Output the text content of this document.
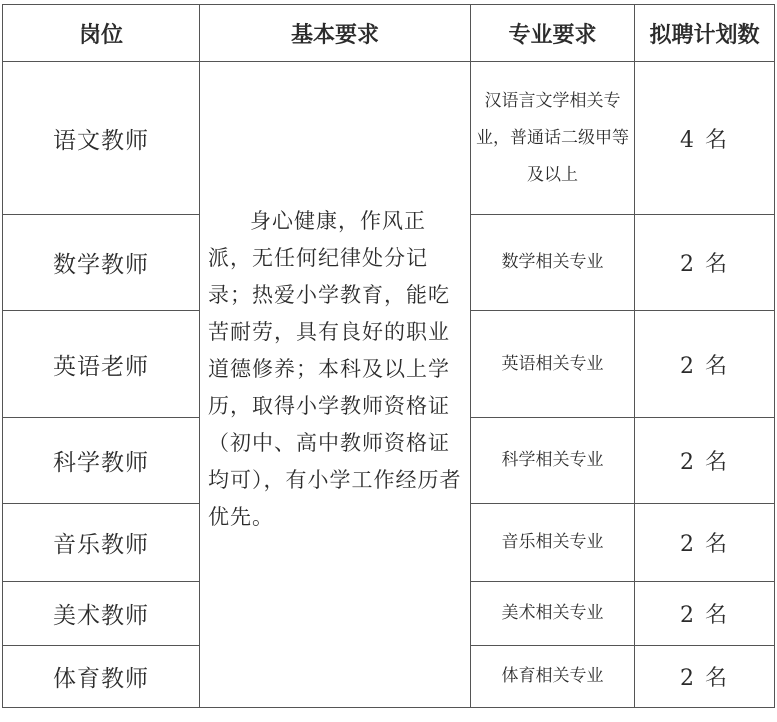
岗位	基本要求	专业要求	拟聘计划数
语文教师	身心健康，作风正派，无任何纪律处分记录；热爱小学教育，能吃苦耐劳，具有良好的职业道德修养；本科及以上学历，取得小学教师资格证（初中、高中教师资格证均可），有小学工作经历者优先。	汉语言文学相关专业，普通话二级甲等及以上	4 名
数学教师		数学相关专业	2 名
英语老师		英语相关专业	2 名
科学教师		科学相关专业	2 名
音乐教师		音乐相关专业	2 名
美术教师		美术相关专业	2 名
体育教师		体育相关专业	2 名
